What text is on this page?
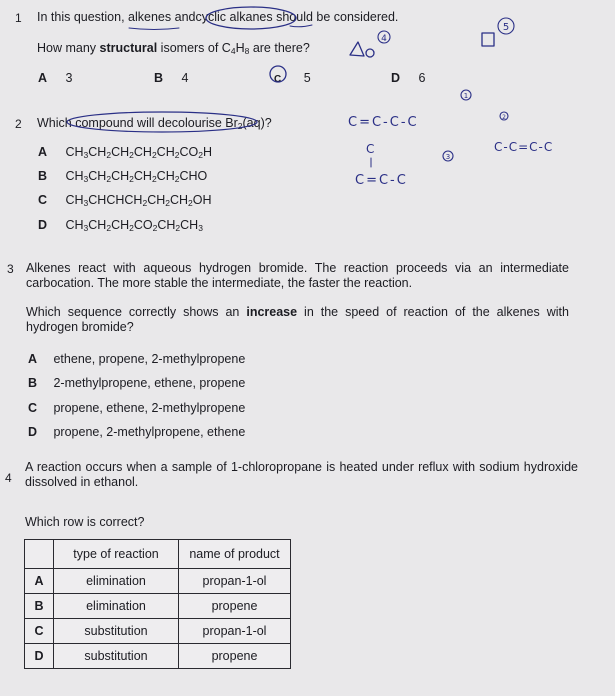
1 In this question, alkenes andcyclic alkanes should be considered.
How many structural isomers of $C_4H_8$ are there?
A 3	B 4	C 5	D 6
2 Which compound will decolourise $Br_2(aq)$?
A $CH_3CH_2CH_2CH_2CH_2CO_2H$
B $CH_3CH_2CH_2CH_2CH_2CHO$
C $CH_3CHCHCH_2CH_2CH_2OH$
D $CH_3CH_2CH_2CO_2CH_2CH_3$
3 Alkenes react with aqueous hydrogen bromide. The reaction proceeds via an intermediate carbocation. The more stable the intermediate, the faster the reaction.
Which sequence correctly shows an increase in the speed of reaction of the alkenes with hydrogen bromide?
A ethene, propene, 2-methylpropene
B 2-methylpropene, ethene, propene
C propene, ethene, 2-methylpropene
D propene, 2-methylpropene, ethene
4
A reaction occurs when a sample of 1-chloropropane is heated under reflux with sodium hydroxide dissolved in ethanol.
Which row is correct?
	type of reaction	name of product
A	elimination	propan-1-ol
B	elimination	propene
C	substitution	propan-1-ol
D	substitution	propene
4
5
C=C-C-C
1
2
C-C=C-C
C
C=C-C
3
